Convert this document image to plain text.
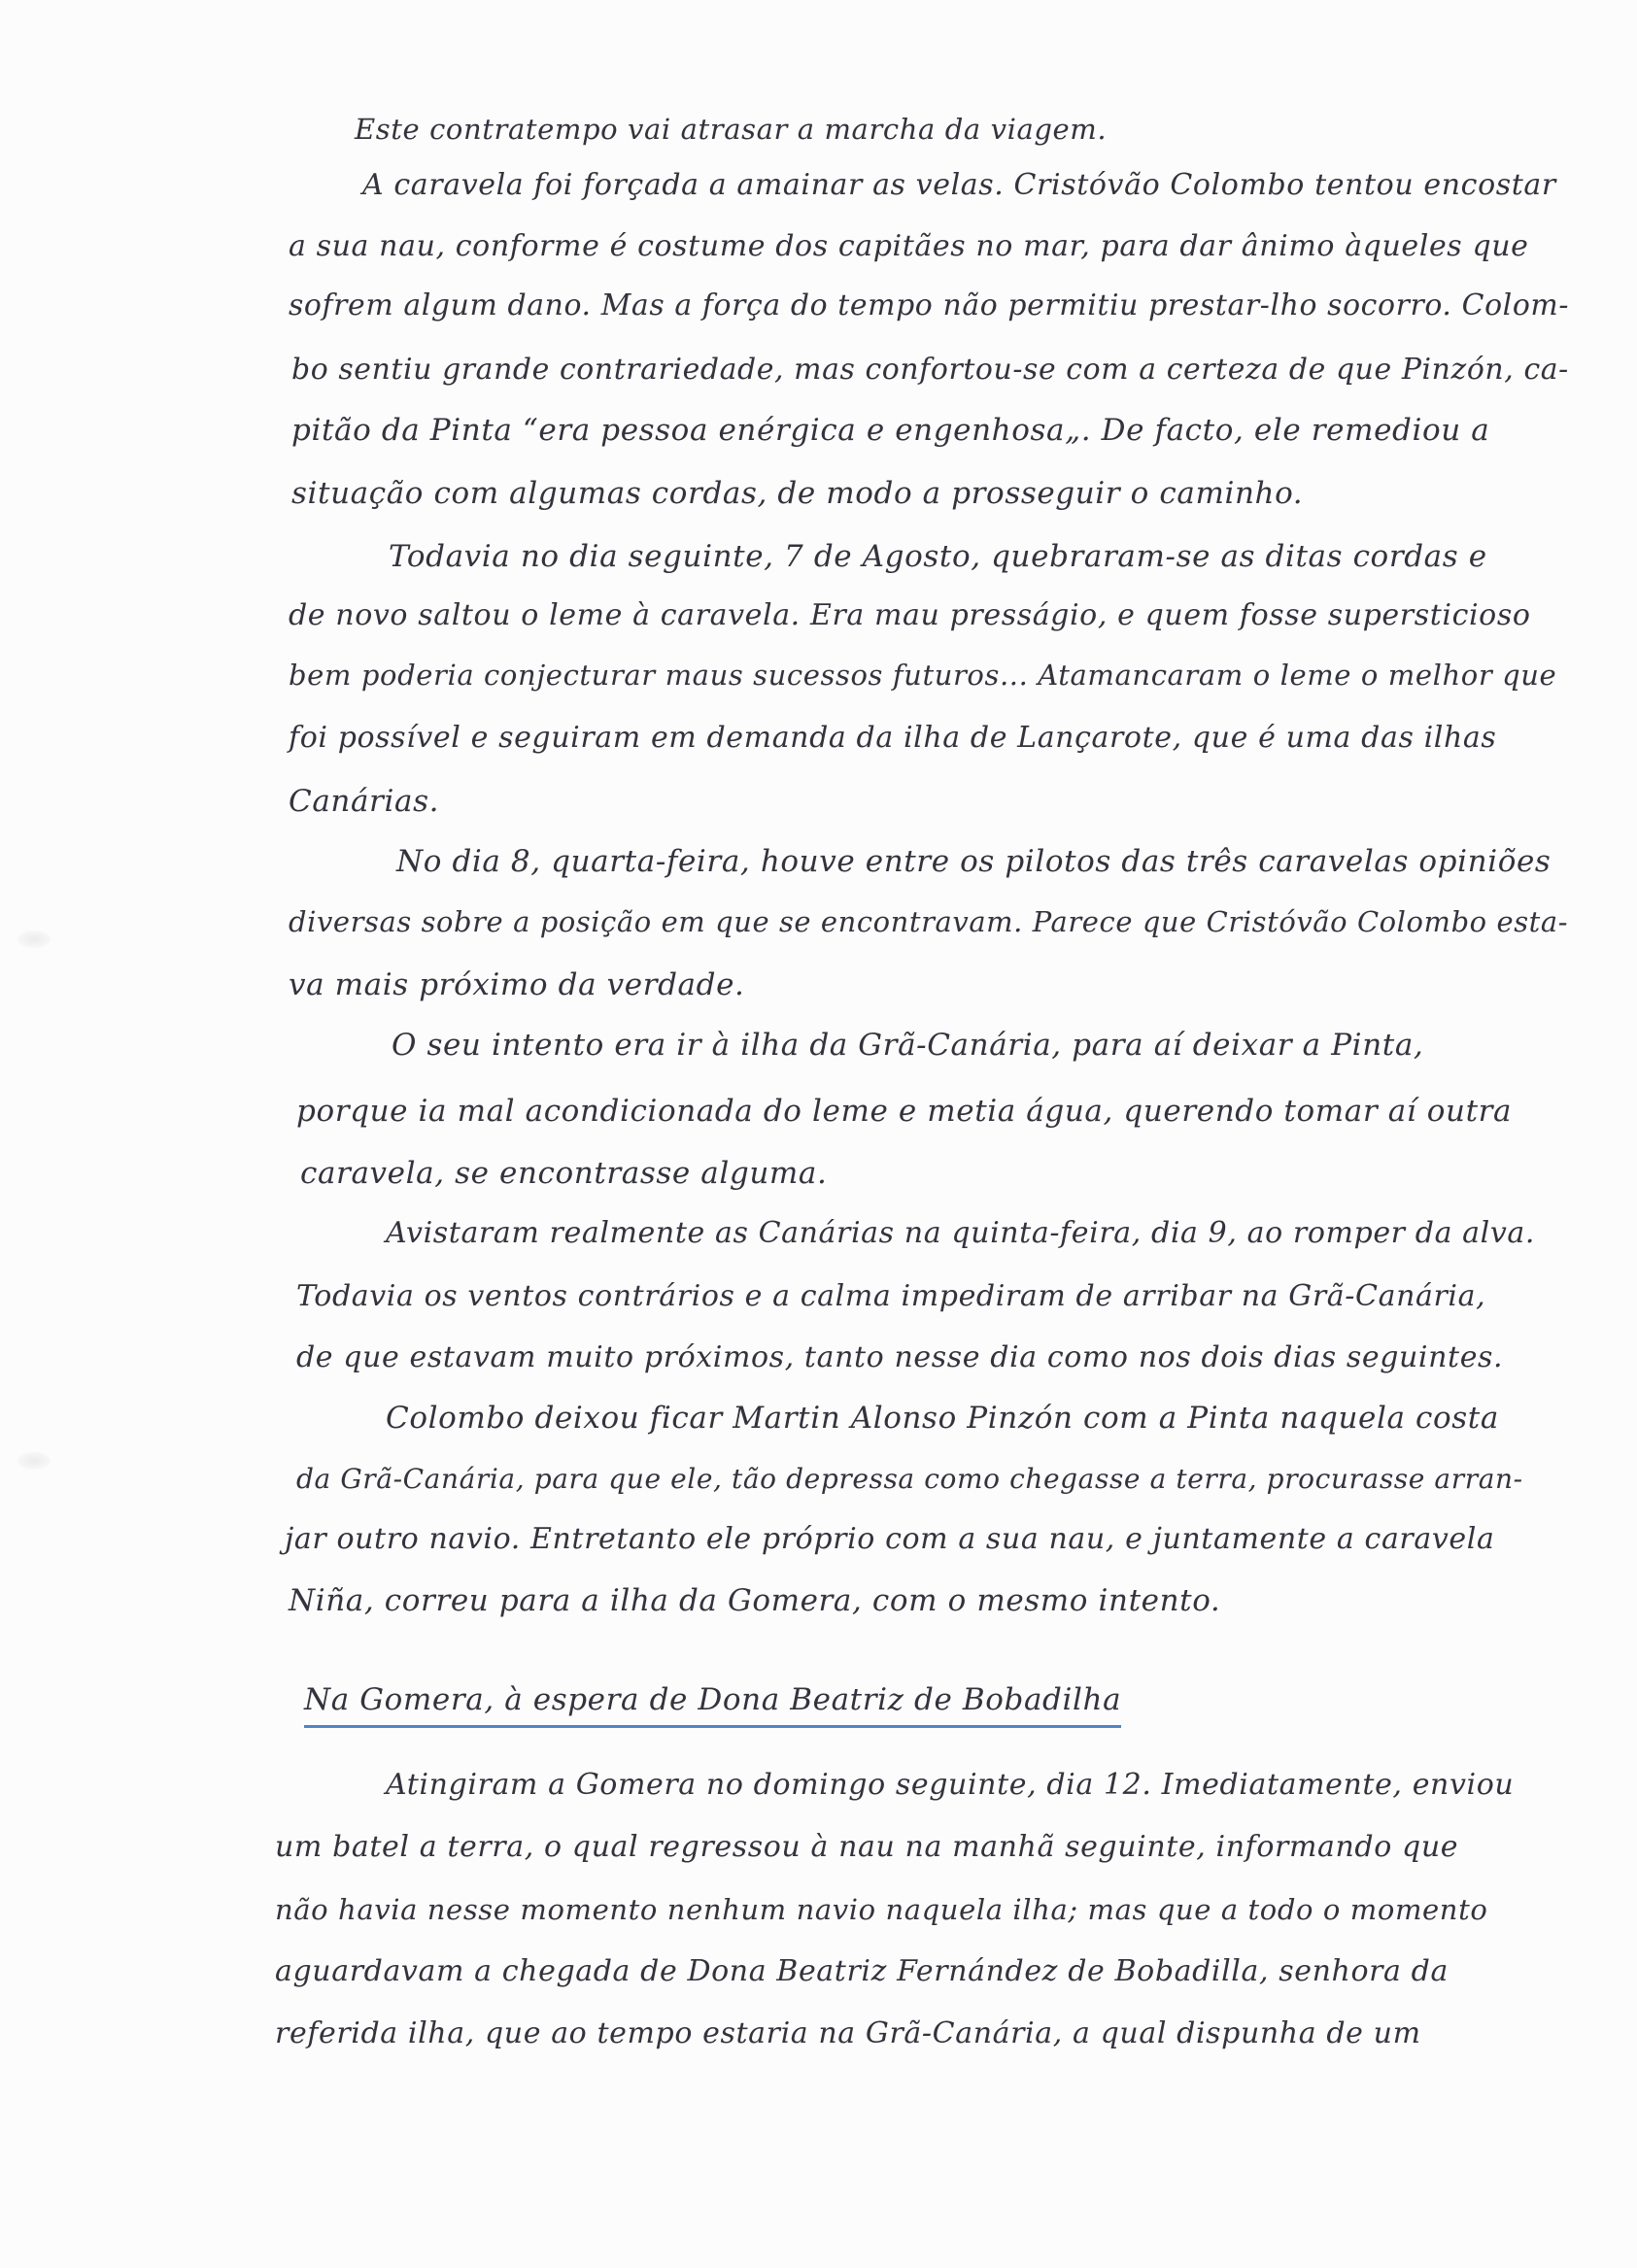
Este contratempo vai atrasar a marcha da viagem.
A caravela foi forçada a amainar as velas. Cristóvão Colombo tentou encostar
a sua nau, conforme é costume dos capitães no mar, para dar ânimo àqueles que
sofrem algum dano. Mas a força do tempo não permitiu prestar-lho socorro. Colom-
bo sentiu grande contrariedade, mas confortou-se com a certeza de que Pinzón, ca-
pitão da Pinta “era pessoa enérgica e engenhosa„. De facto, ele remediou a
situação com algumas cordas, de modo a prosseguir o caminho.
Todavia no dia seguinte, 7 de Agosto, quebraram-se as ditas cordas e
de novo saltou o leme à caravela. Era mau presságio, e quem fosse supersticioso
bem poderia conjecturar maus sucessos futuros... Atamancaram o leme o melhor que
foi possível e seguiram em demanda da ilha de Lançarote, que é uma das ilhas
Canárias.
No dia 8, quarta-feira, houve entre os pilotos das três caravelas opiniões
diversas sobre a posição em que se encontravam. Parece que Cristóvão Colombo esta-
va mais próximo da verdade.
O seu intento era ir à ilha da Grã-Canária, para aí deixar a Pinta,
porque ia mal acondicionada do leme e metia água, querendo tomar aí outra
caravela, se encontrasse alguma.
Avistaram realmente as Canárias na quinta-feira, dia 9, ao romper da alva.
Todavia os ventos contrários e a calma impediram de arribar na Grã-Canária,
de que estavam muito próximos, tanto nesse dia como nos dois dias seguintes.
Colombo deixou ficar Martin Alonso Pinzón com a Pinta naquela costa
da Grã-Canária, para que ele, tão depressa como chegasse a terra, procurasse arran-
jar outro navio. Entretanto ele próprio com a sua nau, e juntamente a caravela
Niña, correu para a ilha da Gomera, com o mesmo intento.
Na Gomera, à espera de Dona Beatriz de Bobadilha
Atingiram a Gomera no domingo seguinte, dia 12. Imediatamente, enviou
um batel a terra, o qual regressou à nau na manhã seguinte, informando que
não havia nesse momento nenhum navio naquela ilha; mas que a todo o momento
aguardavam a chegada de Dona Beatriz Fernández de Bobadilla, senhora da
referida ilha, que ao tempo estaria na Grã-Canária, a qual dispunha de um
